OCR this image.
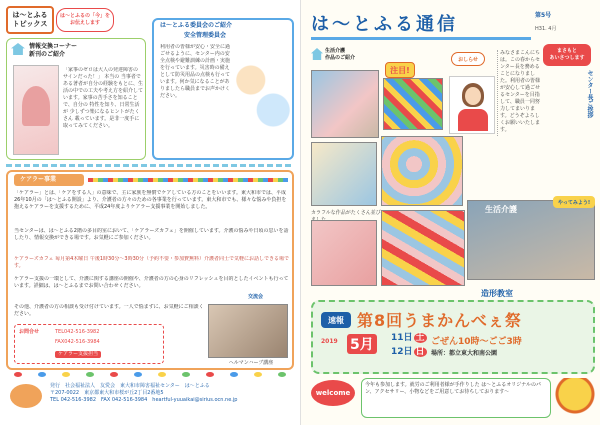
は～とふる
トピックス
は～とふるの「今」を
お伝えします
情報交換コーナー
新刊のご紹介
「家事のゼロは大人の発達障害のサインだった！」 本当の 当事者である著者が自分の経験をもとに、生活の中での工夫や考え方を紹介しています。家事の苦手さを知ることで、自分の 特性を知り、日常生活が 少しずつ楽になるヒントがたくさん 載っています。是非一度手に取ってみてください。
は～とふる委員会のご紹介
安全管理委員会
利用者の皆様が安心・安全に過ごせるように、センター内の安全点検や避難訓練の計画・実施を行っています。災害時の備えとして防災用品の点検も行っています。何か気になることがありましたら職員までお声かけください。
ケアラー事業
「ケアラー」とは、「ケアをする人」の意味で、主に家族を無償でケアしている方のことをいいます。東大和市では、平成26年10月の「は～とふる開設」より、介護者の方々のための各事業を行っています。東大和市でも、様々な悩みや負担を抱えるケアラーを支援するために、平成24年度よりケアラー支援事業を開始しました。
当センターは、は～とふる2階の多目的室において、「ケアラーズカフェ」を開催しています。介護の悩みや日頃の思いを話したり、情報交換ができる場です。お気軽にご参加ください。
ケアラーズカフェ 毎月第4木曜日 午後1時30分～3時30分（予約不要・参加費無料）介護者同士で気軽にお話しできる場です。
ケアラー支援の一環として、介護に関する講座の開催や、介護者の方の心身のリフレッシュを目的としたイベントも行っています。詳細は、は～とふるまでお問い合わせください。
その他、介護者の方の相談も受け付けています。一人で悩まずに、お気軽にご相談ください。
交流会
ヘルマンハーブ講座
お問合せ	TEL042-516-3982
FAX042-516-3984
ケアラー支援担当
発行　社会福祉法人　友愛会　東大和市障害福祉センター　は～とふる
〒207-0022　東京都東大和市桜が丘2丁目2番地5
TEL 042-516-3982　FAX 042-516-3984　heartful-yuuaikai@sirius.ocn.ne.jp
は～とふる通信	第5号
H31. 4月
生活介護
作品のご紹介
注目!
おしらせ
みなさまこんにちは。この春からセンター長を務めることになりました。利用者の皆様が安心して過ごせるセンターを目指して、職員一同努力してまいります。どうぞよろしくお願いいたします。
まさもと
あいさつします
センター長ご挨拶
カラフルな作品がたくさん並び	生活介護
やってみよう!
造形教室
速報 第8回うまかんべぇ祭
2019 5月	11日 土
12日 日
ごぜん10時～ごご3時
場所：都立東大和南公園
welcome
今年も参加します。就労のご利用者様が手作りした は～とふるオリジナルのパン、アクセサリー、小物などをご用意してお待ちしております～
